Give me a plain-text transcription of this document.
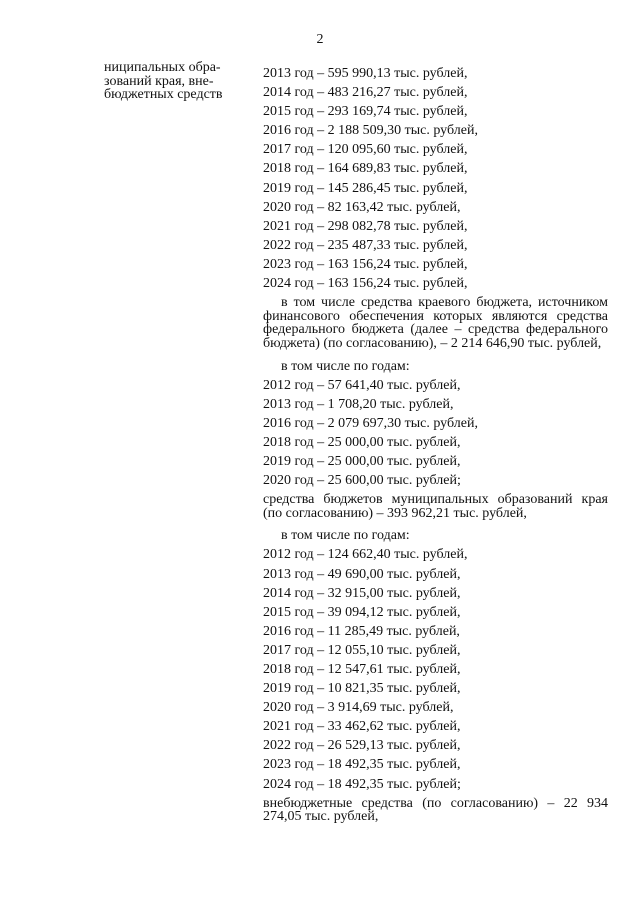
2
ниципальных обра-
зований края, вне-
бюджетных средств
2013 год – 595 990,13 тыс. рублей,
2014 год – 483 216,27 тыс. рублей,
2015 год – 293 169,74 тыс. рублей,
2016 год – 2 188 509,30 тыс. рублей,
2017 год – 120 095,60 тыс. рублей,
2018 год – 164 689,83 тыс. рублей,
2019 год – 145 286,45 тыс. рублей,
2020 год – 82 163,42 тыс. рублей,
2021 год – 298 082,78 тыс. рублей,
2022 год – 235 487,33 тыс. рублей,
2023 год – 163 156,24 тыс. рублей,
2024 год – 163 156,24 тыс. рублей,
в том числе средства краевого бюджета, источником финансового обеспечения которых являются средства федерального бюджета (далее – средства федерального бюджета) (по согласованию), – 2 214 646,90 тыс. рублей,
в том числе по годам:
2012 год – 57 641,40 тыс. рублей,
2013 год – 1 708,20 тыс. рублей,
2016 год – 2 079 697,30 тыс. рублей,
2018 год – 25 000,00 тыс. рублей,
2019 год – 25 000,00 тыс. рублей,
2020 год – 25 600,00 тыс. рублей;
средства бюджетов муниципальных образований края (по согласованию) – 393 962,21 тыс. рублей,
в том числе по годам:
2012 год – 124 662,40 тыс. рублей,
2013 год – 49 690,00 тыс. рублей,
2014 год – 32 915,00 тыс. рублей,
2015 год – 39 094,12 тыс. рублей,
2016 год – 11 285,49 тыс. рублей,
2017 год – 12 055,10 тыс. рублей,
2018 год – 12 547,61 тыс. рублей,
2019 год – 10 821,35 тыс. рублей,
2020 год – 3 914,69 тыс. рублей,
2021 год – 33 462,62 тыс. рублей,
2022 год – 26 529,13 тыс. рублей,
2023 год – 18 492,35 тыс. рублей,
2024 год – 18 492,35 тыс. рублей;
внебюджетные средства (по согласованию) – 22 934 274,05 тыс. рублей,
